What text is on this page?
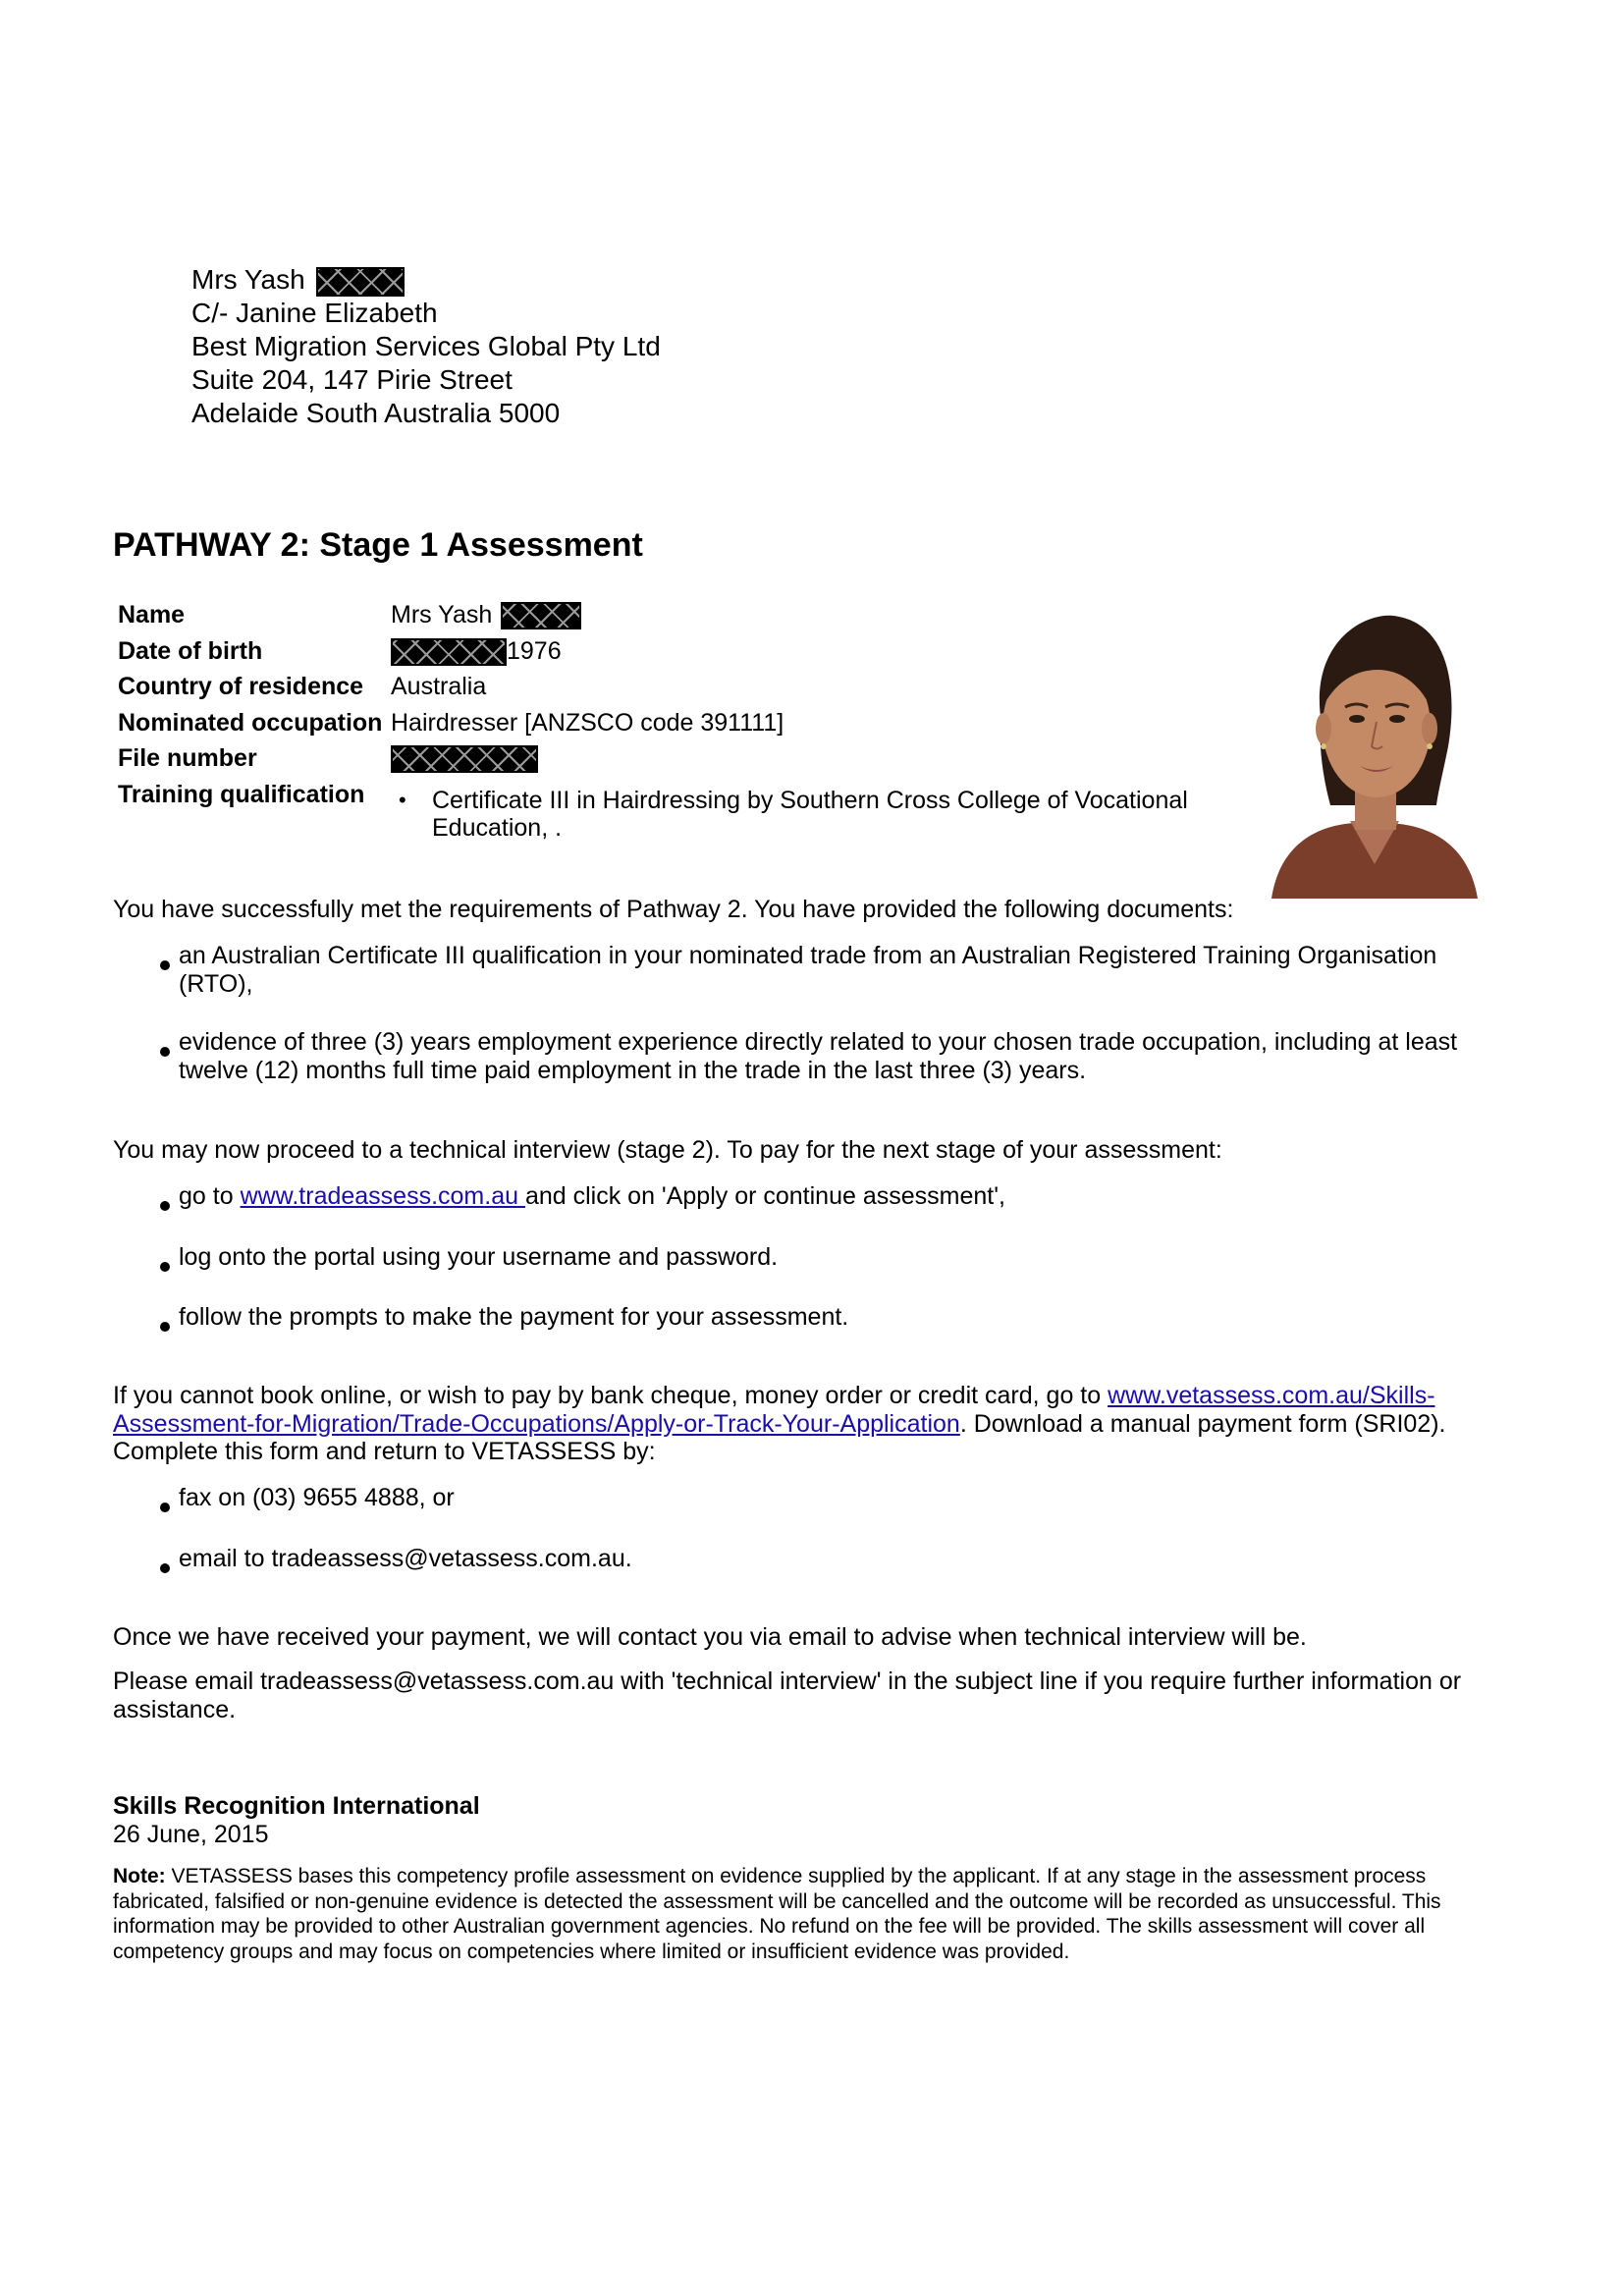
Mrs Yash
C/- Janine Elizabeth
Best Migration Services Global Pty Ltd
Suite 204, 147 Pirie Street
Adelaide South Australia 5000
PATHWAY 2: Stage 1 Assessment
Name	Mrs Yash
Date of birth	1976
Country of residence Australia
Nominated occupation Hairdresser [ANZSCO code 391111]
File number
Training qualification • Certificate III in Hairdressing by Southern Cross College of Vocational Education, .
You have successfully met the requirements of Pathway 2. You have provided the following documents:
an Australian Certificate III qualification in your nominated trade from an Australian Registered Training Organisation (RTO),
evidence of three (3) years employment experience directly related to your chosen trade occupation, including at least twelve (12) months full time paid employment in the trade in the last three (3) years.
You may now proceed to a technical interview (stage 2). To pay for the next stage of your assessment:
go to www.tradeassess.com.au and click on 'Apply or continue assessment',
log onto the portal using your username and password.
follow the prompts to make the payment for your assessment.
If you cannot book online, or wish to pay by bank cheque, money order or credit card, go to www.vetassess.com.au/Skills-Assessment-for-Migration/Trade-Occupations/Apply-or-Track-Your-Application. Download a manual payment form (SRI02). Complete this form and return to VETASSESS by:
fax on (03) 9655 4888, or
email to tradeassess@vetassess.com.au.
Once we have received your payment, we will contact you via email to advise when technical interview will be.
Please email tradeassess@vetassess.com.au with 'technical interview' in the subject line if you require further information or assistance.
Skills Recognition International
26 June, 2015
Note: VETASSESS bases this competency profile assessment on evidence supplied by the applicant. If at any stage in the assessment process fabricated, falsified or non-genuine evidence is detected the assessment will be cancelled and the outcome will be recorded as unsuccessful. This information may be provided to other Australian government agencies. No refund on the fee will be provided. The skills assessment will cover all competency groups and may focus on competencies where limited or insufficient evidence was provided.
